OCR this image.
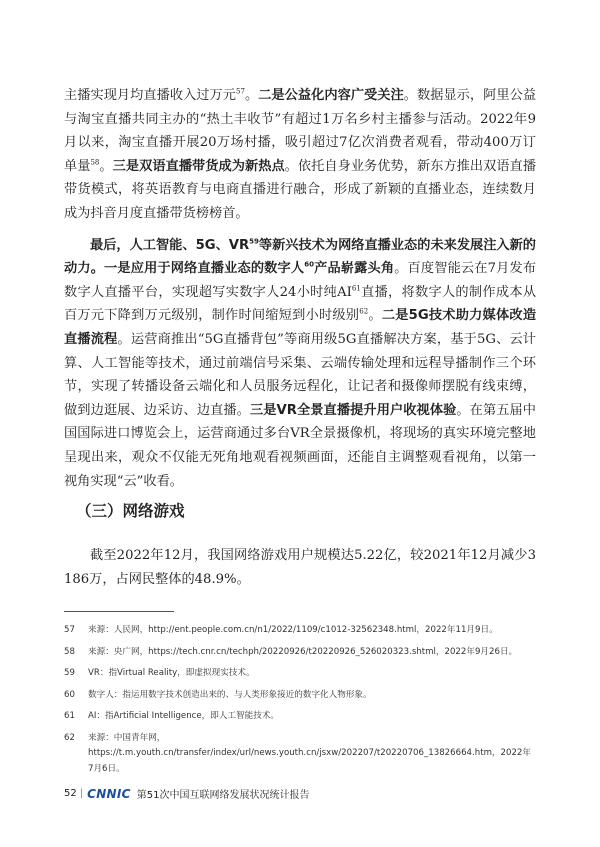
主播实现月均直播收入过万元$^{57}$。二是公益化内容广受关注。数据显示，阿里公益与淘宝直播共同主办的“热土丰收节”有超过1万名乡村主播参与活动。2022年9月以来，淘宝直播开展20万场村播，吸引超过7亿次消费者观看，带动400万订单量$^{58}$。三是双语直播带货成为新热点。依托自身业务优势，新东方推出双语直播带货模式，将英语教育与电商直播进行融合，形成了新颖的直播业态，连续数月成为抖音月度直播带货榜榜首。

最后，人工智能、5G、VR$^{59}$等新兴技术为网络直播业态的未来发展注入新的动力。一是应用于网络直播业态的数字人$^{60}$产品崭露头角。百度智能云在7月发布数字人直播平台，实现超写实数字人24小时纯AI$^{61}$直播，将数字人的制作成本从百万元下降到万元级别，制作时间缩短到小时级别$^{62}$。二是5G技术助力媒体改造直播流程。运营商推出“5G直播背包”等商用级5G直播解决方案，基于5G、云计算、人工智能等技术，通过前端信号采集、云端传输处理和远程导播制作三个环节，实现了转播设备云端化和人员服务远程化，让记者和摄像师摆脱有线束缚，做到边逛展、边采访、边直播。三是VR全景直播提升用户收视体验。在第五届中国国际进口博览会上，运营商通过多台VR全景摄像机，将现场的真实环境完整地呈现出来，观众不仅能无死角地观看视频画面，还能自主调整观看视角，以第一视角实现“云”收看。

（三）网络游戏

截至2022年12月，我国网络游戏用户规模达5.22亿，较2021年12月减少3186万，占网民整体的48.9%。

57	来源：人民网，http://ent.people.com.cn/n1/2022/1109/c1012-32562348.html，2022年11月9日。
58	来源：央广网，https://tech.cnr.cn/techph/20220926/t20220926_526020323.shtml，2022年9月26日。
59	VR：指Virtual Reality，即虚拟现实技术。
60	数字人：指运用数字技术创造出来的、与人类形象接近的数字化人物形象。
61	AI：指Artificial Intelligence，即人工智能技术。
62	来源：中国青年网，https://t.m.youth.cn/transfer/index/url/news.youth.cn/jsxw/202207/t20220706_13826664.htm，2022年7月6日。
52 | CNNIC 第51次中国互联网络发展状况统计报告
